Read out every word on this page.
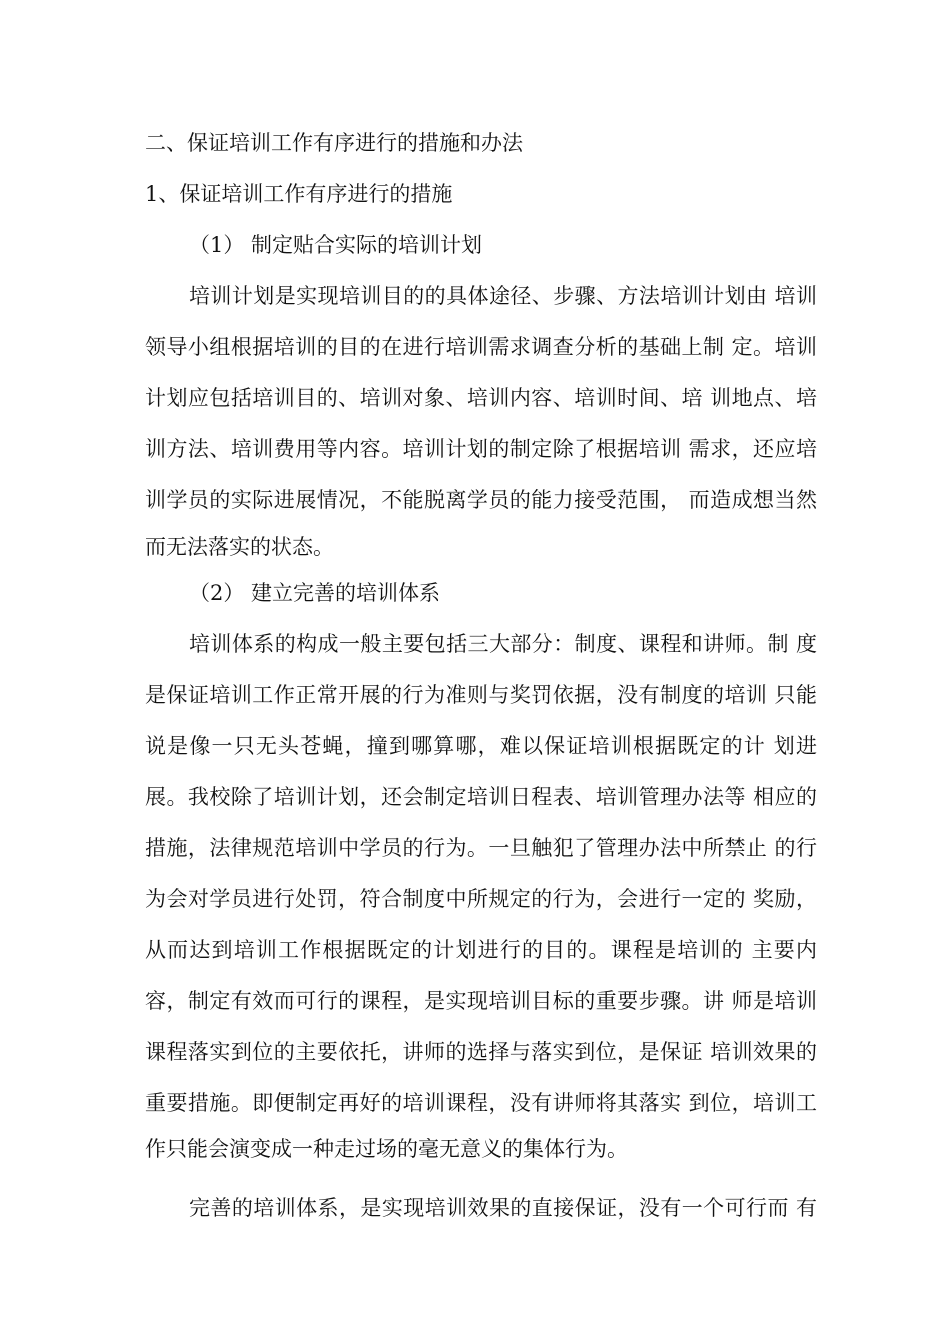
二、保证培训工作有序进行的措施和办法
1、保证培训工作有序进行的措施
（1） 制定贴合实际的培训计划
培训计划是实现培训目的的具体途径、步骤、方法培训计划由 培训
领导小组根据培训的目的在进行培训需求调查分析的基础上制 定。培训
计划应包括培训目的、培训对象、培训内容、培训时间、培 训地点、培
训方法、培训费用等内容。培训计划的制定除了根据培训 需求，还应培
训学员的实际进展情况，不能脱离学员的能力接受范围， 而造成想当然
而无法落实的状态。
（2） 建立完善的培训体系
培训体系的构成一般主要包括三大部分：制度、课程和讲师。制 度
是保证培训工作正常开展的行为准则与奖罚依据，没有制度的培训 只能
说是像一只无头苍蝇，撞到哪算哪，难以保证培训根据既定的计 划进
展。我校除了培训计划，还会制定培训日程表、培训管理办法等 相应的
措施，法律规范培训中学员的行为。一旦触犯了管理办法中所禁止 的行
为会对学员进行处罚，符合制度中所规定的行为，会进行一定的 奖励，
从而达到培训工作根据既定的计划进行的目的。课程是培训的 主要内
容，制定有效而可行的课程，是实现培训目标的重要步骤。讲 师是培训
课程落实到位的主要依托，讲师的选择与落实到位，是保证 培训效果的
重要措施。即便制定再好的培训课程，没有讲师将其落实 到位，培训工
作只能会演变成一种走过场的毫无意义的集体行为。
完善的培训体系，是实现培训效果的直接保证，没有一个可行而 有
